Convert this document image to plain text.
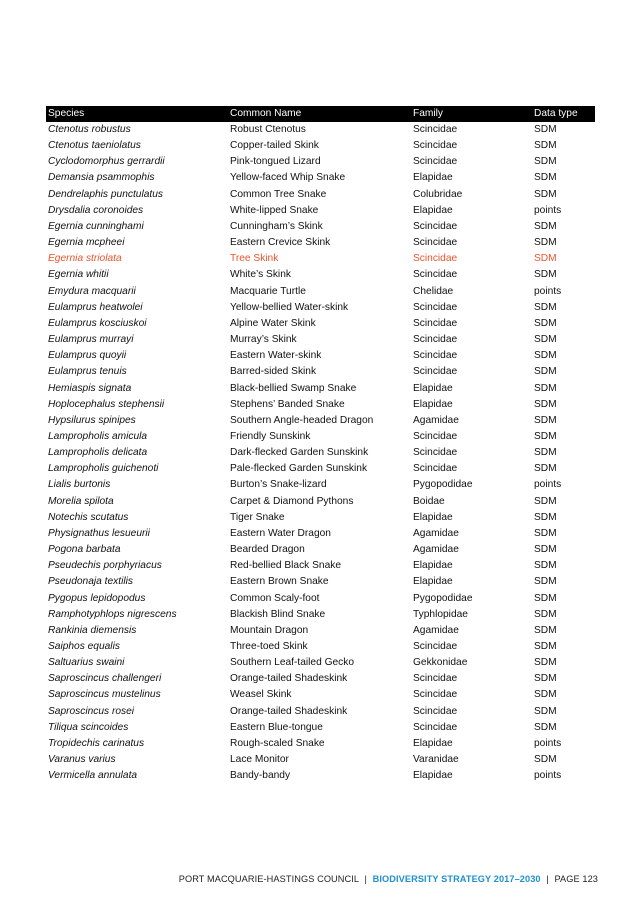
Species	Common Name	Family	Data type
Ctenotus robustus	Robust Ctenotus	Scincidae	SDM
Ctenotus taeniolatus	Copper-tailed Skink	Scincidae	SDM
Cyclodomorphus gerrardii	Pink-tongued Lizard	Scincidae	SDM
Demansia psammophis	Yellow-faced Whip Snake	Elapidae	SDM
Dendrelaphis punctulatus	Common Tree Snake	Colubridae	SDM
Drysdalia coronoides	White-lipped Snake	Elapidae	points
Egernia cunninghami	Cunningham’s Skink	Scincidae	SDM
Egernia mcpheei	Eastern Crevice Skink	Scincidae	SDM
Egernia striolata	Tree Skink	Scincidae	SDM
Egernia whitii	White’s Skink	Scincidae	SDM
Emydura macquarii	Macquarie Turtle	Chelidae	points
Eulamprus heatwolei	Yellow-bellied Water-skink	Scincidae	SDM
Eulamprus kosciuskoi	Alpine Water Skink	Scincidae	SDM
Eulamprus murrayi	Murray’s Skink	Scincidae	SDM
Eulamprus quoyii	Eastern Water-skink	Scincidae	SDM
Eulamprus tenuis	Barred-sided Skink	Scincidae	SDM
Hemiaspis signata	Black-bellied Swamp Snake	Elapidae	SDM
Hoplocephalus stephensii	Stephens’ Banded Snake	Elapidae	SDM
Hypsilurus spinipes	Southern Angle-headed Dragon	Agamidae	SDM
Lampropholis amicula	Friendly Sunskink	Scincidae	SDM
Lampropholis delicata	Dark-flecked Garden Sunskink	Scincidae	SDM
Lampropholis guichenoti	Pale-flecked Garden Sunskink	Scincidae	SDM
Lialis burtonis	Burton’s Snake-lizard	Pygopodidae	points
Morelia spilota	Carpet & Diamond Pythons	Boidae	SDM
Notechis scutatus	Tiger Snake	Elapidae	SDM
Physignathus lesueurii	Eastern Water Dragon	Agamidae	SDM
Pogona barbata	Bearded Dragon	Agamidae	SDM
Pseudechis porphyriacus	Red-bellied Black Snake	Elapidae	SDM
Pseudonaja textilis	Eastern Brown Snake	Elapidae	SDM
Pygopus lepidopodus	Common Scaly-foot	Pygopodidae	SDM
Ramphotyphlops nigrescens	Blackish Blind Snake	Typhlopidae	SDM
Rankinia diemensis	Mountain Dragon	Agamidae	SDM
Saiphos equalis	Three-toed Skink	Scincidae	SDM
Saltuarius swaini	Southern Leaf-tailed Gecko	Gekkonidae	SDM
Saproscincus challengeri	Orange-tailed Shadeskink	Scincidae	SDM
Saproscincus mustelinus	Weasel Skink	Scincidae	SDM
Saproscincus rosei	Orange-tailed Shadeskink	Scincidae	SDM
Tiliqua scincoides	Eastern Blue-tongue	Scincidae	SDM
Tropidechis carinatus	Rough-scaled Snake	Elapidae	points
Varanus varius	Lace Monitor	Varanidae	SDM
Vermicella annulata	Bandy-bandy	Elapidae	points
PORT MACQUARIE-HASTINGS COUNCIL | BIODIVERSITY STRATEGY 2017–2030 | PAGE 123
